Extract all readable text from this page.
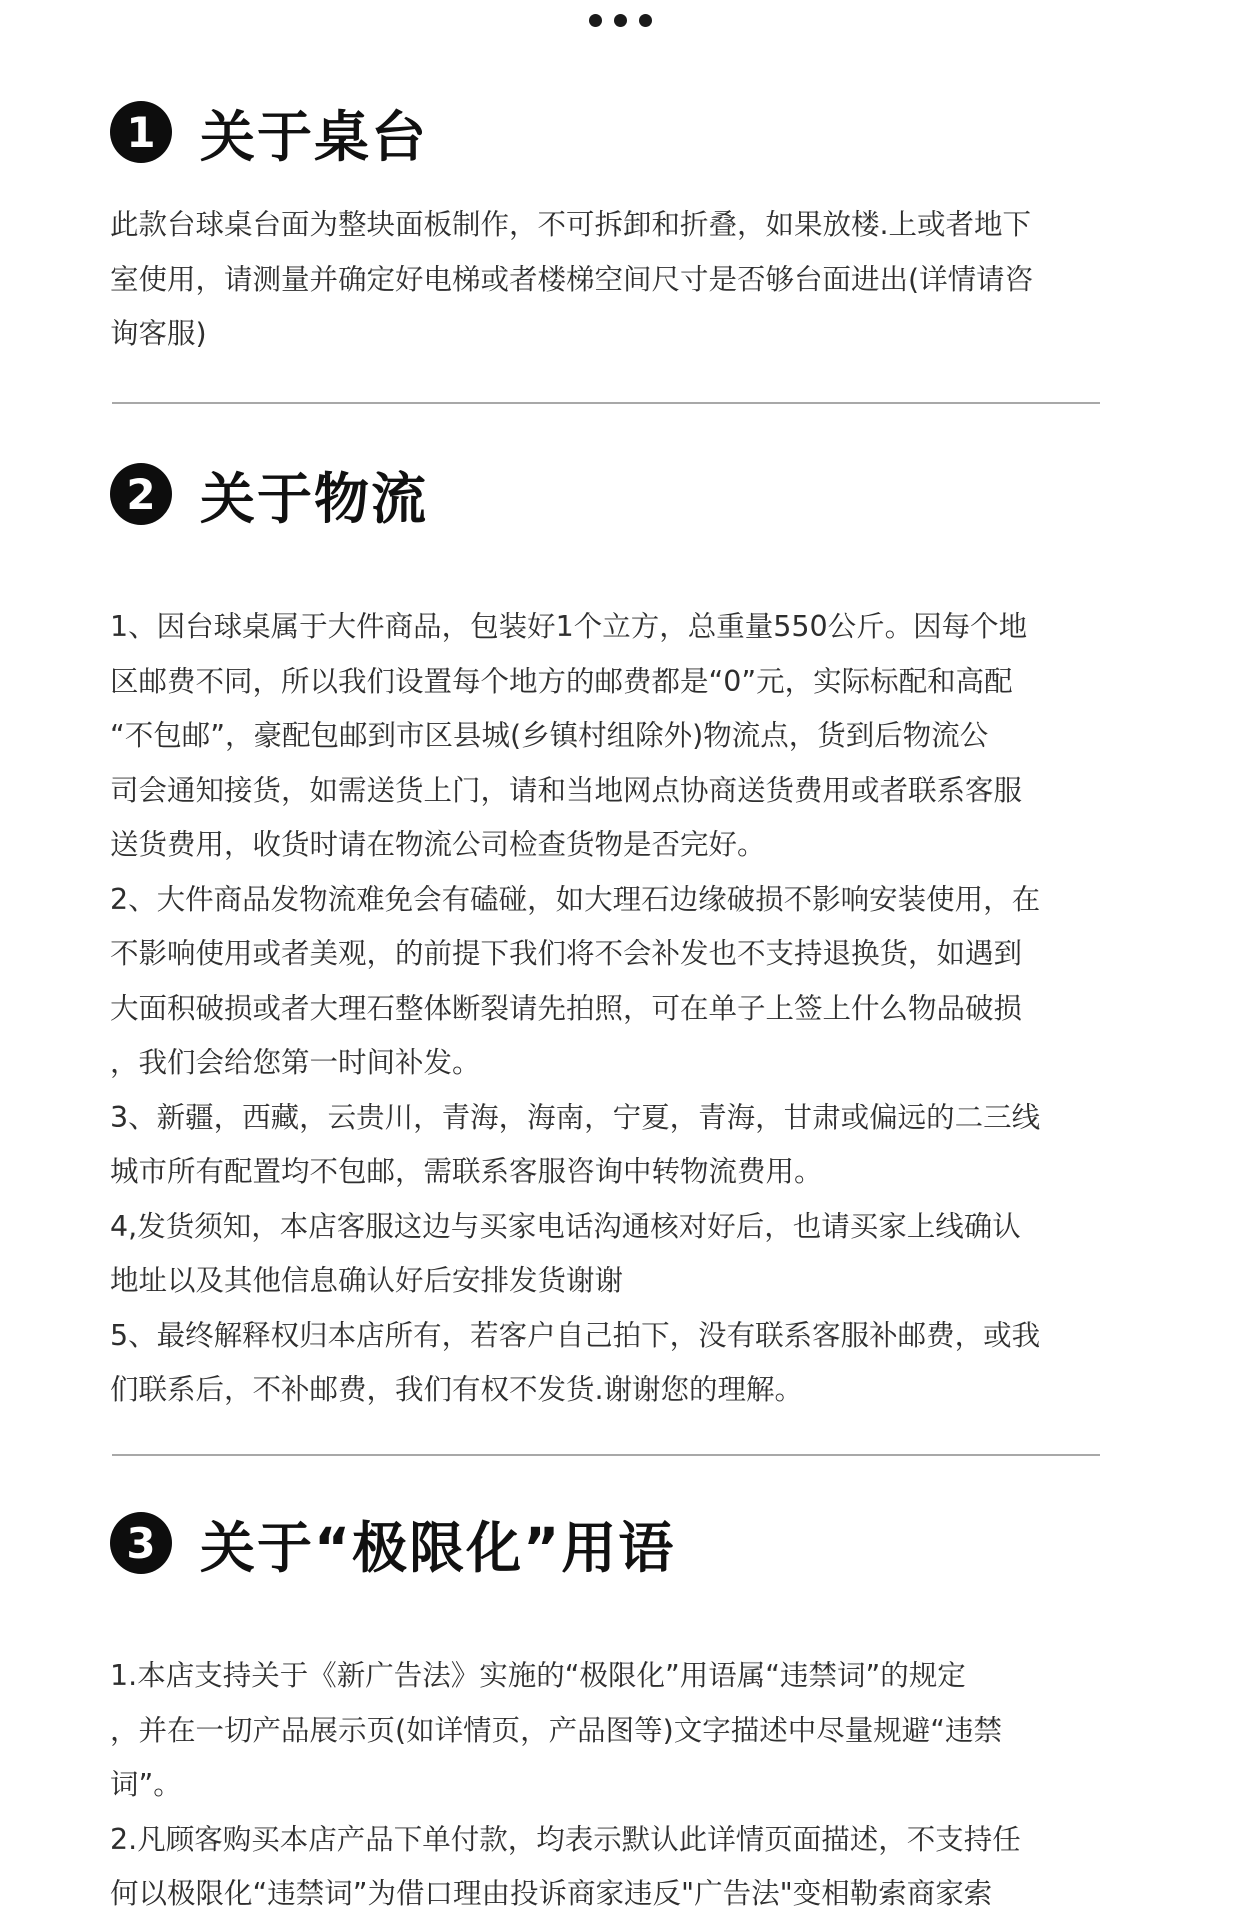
1 关于桌台
此款台球桌台面为整块面板制作，不可拆卸和折叠，如果放楼.上或者地下
室使用，请测量并确定好电梯或者楼梯空间尺寸是否够台面进出(详情请咨
询客服)
2 关于物流
1、因台球桌属于大件商品，包装好1个立方，总重量550公斤。因每个地
区邮费不同，所以我们设置每个地方的邮费都是“0”元，实际标配和高配
“不包邮”，豪配包邮到市区县城(乡镇村组除外)物流点，货到后物流公
司会通知接货，如需送货上门，请和当地网点协商送货费用或者联系客服
送货费用，收货时请在物流公司检查货物是否完好。
2、大件商品发物流难免会有磕碰，如大理石边缘破损不影响安装使用，在
不影响使用或者美观，的前提下我们将不会补发也不支持退换货，如遇到
大面积破损或者大理石整体断裂请先拍照，可在单子上签上什么物品破损
，我们会给您第一时间补发。
3、新疆，西藏，云贵川，青海，海南，宁夏，青海，甘肃或偏远的二三线
城市所有配置均不包邮，需联系客服咨询中转物流费用。
4,发货须知，本店客服这边与买家电话沟通核对好后，也请买家上线确认
地址以及其他信息确认好后安排发货谢谢
5、最终解释权归本店所有，若客户自己拍下，没有联系客服补邮费，或我
们联系后，不补邮费，我们有权不发货.谢谢您的理解。
3 关于“极限化”用语
1.本店支持关于《新广告法》实施的“极限化”用语属“违禁词”的规定
，并在一切产品展示页(如详情页，产品图等)文字描述中尽量规避“违禁
词”。
2.凡顾客购买本店产品下单付款，均表示默认此详情页面描述，不支持任
何以极限化“违禁词”为借口理由投诉商家违反"广告法"变相勒索商家索
